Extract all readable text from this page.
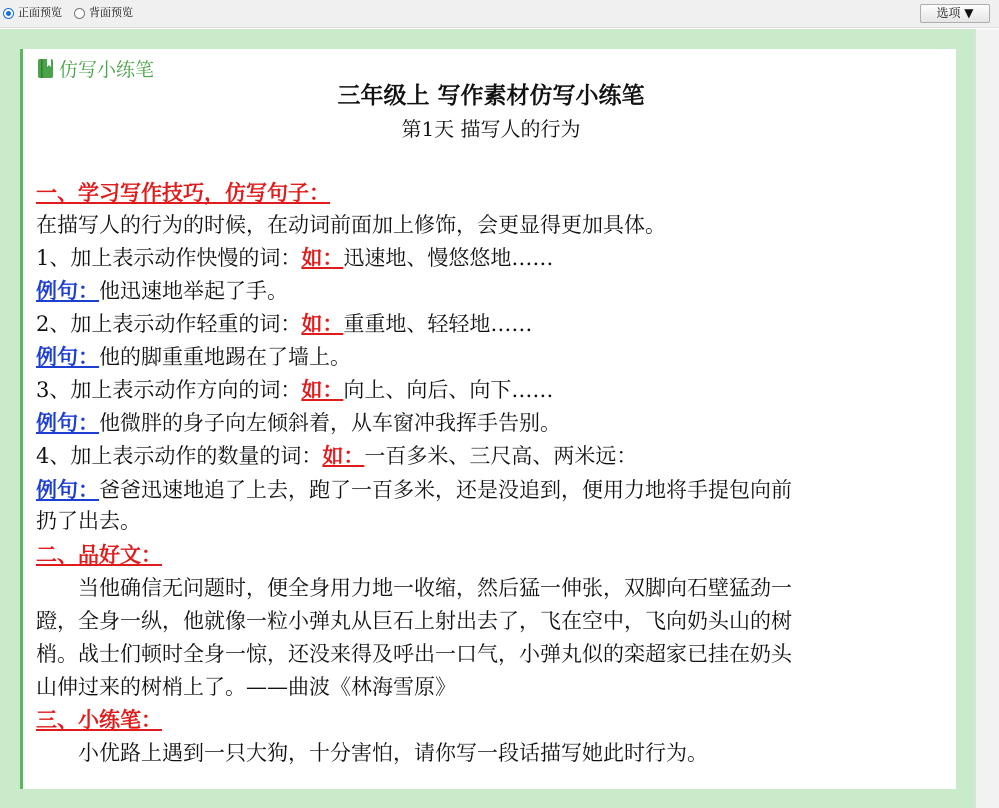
正面预览 背面预览	选项 ▼
仿写小练笔
三年级上 写作素材仿写小练笔
第1天 描写人的行为
一、学习写作技巧，仿写句子：
在描写人的行为的时候，在动词前面加上修饰，会更显得更加具体。
1、加上表示动作快慢的词：如：迅速地、慢悠悠地……
例句：他迅速地举起了手。
2、加上表示动作轻重的词：如：重重地、轻轻地……
例句：他的脚重重地踢在了墙上。
3、加上表示动作方向的词：如：向上、向后、向下……
例句：他微胖的身子向左倾斜着，从车窗冲我挥手告别。
4、加上表示动作的数量的词：如：一百多米、三尺高、两米远：
例句：爸爸迅速地追了上去，跑了一百多米，还是没追到，便用力地将手提包向前
扔了出去。
二、品好文：
当他确信无问题时，便全身用力地一收缩，然后猛一伸张，双脚向石壁猛劲一
蹬，全身一纵，他就像一粒小弹丸从巨石上射出去了，飞在空中，飞向奶头山的树
梢。战士们顿时全身一惊，还没来得及呼出一口气，小弹丸似的栾超家已挂在奶头
山伸过来的树梢上了。——曲波《林海雪原》
三、小练笔：
小优路上遇到一只大狗，十分害怕，请你写一段话描写她此时行为。
